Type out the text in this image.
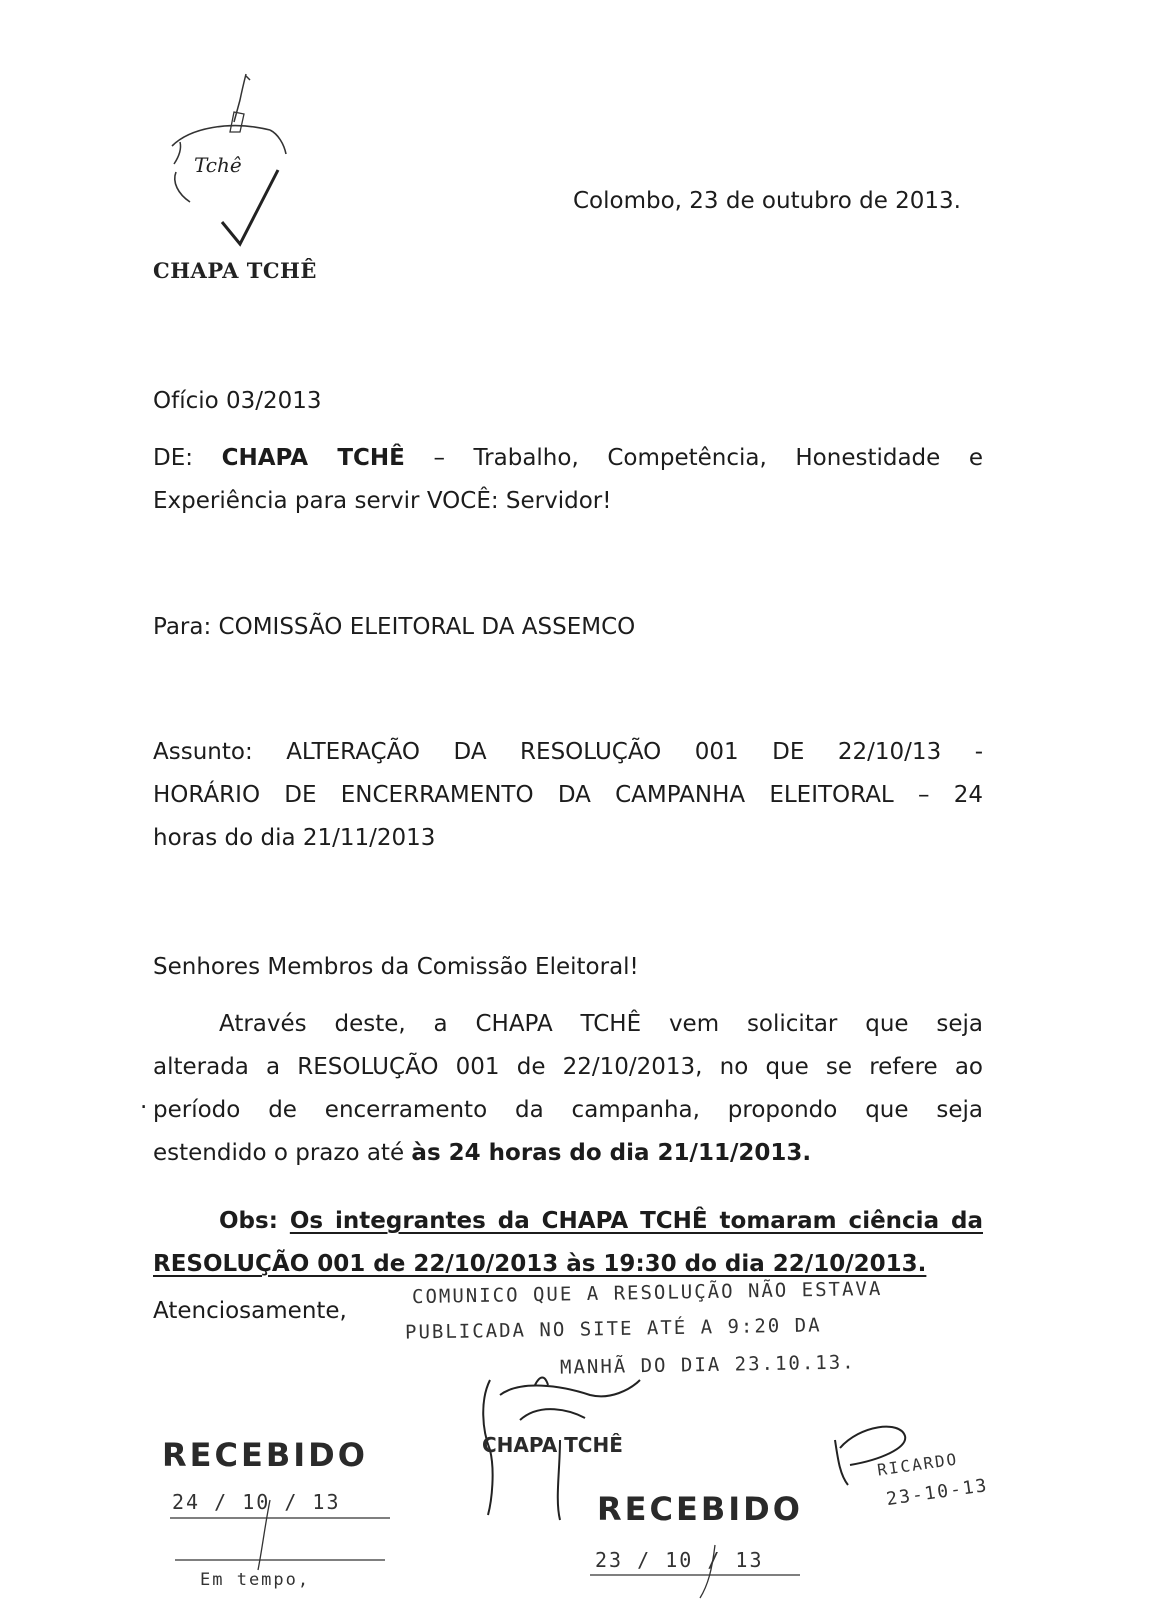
Tchê
CHAPA TCHÊ
Colombo, 23 de outubro de 2013.
Ofício 03/2013
DE: CHAPA TCHÊ – Trabalho, Competência, Honestidade e
Experiência para servir VOCÊ: Servidor!
Para: COMISSÃO ELEITORAL DA ASSEMCO
Assunto: ALTERAÇÃO DA RESOLUÇÃO 001 DE 22/10/13 -
HORÁRIO DE ENCERRAMENTO DA CAMPANHA ELEITORAL – 24
horas do dia 21/11/2013
Senhores Membros da Comissão Eleitoral!
Através deste, a CHAPA TCHÊ vem solicitar que seja
alterada a RESOLUÇÃO 001 de 22/10/2013, no que se refere ao
período de encerramento da campanha, propondo que seja
estendido o prazo até às 24 horas do dia 21/11/2013.
.
Obs: Os integrantes da CHAPA TCHÊ tomaram ciência da
RESOLUÇÃO 001 de 22/10/2013 às 19:30 do dia 22/10/2013.
Atenciosamente,
COMUNICO QUE A RESOLUÇÃO NÃO ESTAVA
PUBLICADA NO SITE ATÉ A 9:20 DA
MANHÃ DO DIA 23.10.13.
RECEBIDO
24 / 10 / 13
CHAPA TCHÊ
RECEBIDO
23 / 10 / 13
RICARDO
23-10-13
Em tempo,
